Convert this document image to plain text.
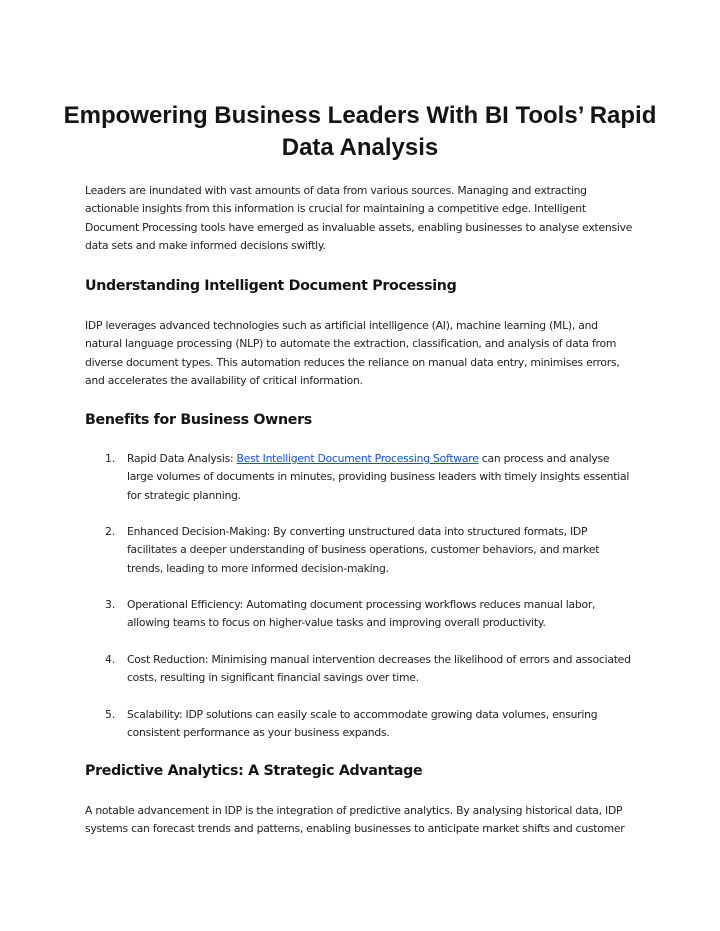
Empowering Business Leaders With BI Tools’ Rapid Data Analysis

Leaders are inundated with vast amounts of data from various sources. Managing and extracting actionable insights from this information is crucial for maintaining a competitive edge. Intelligent Document Processing tools have emerged as invaluable assets, enabling businesses to analyse extensive data sets and make informed decisions swiftly.

Understanding Intelligent Document Processing

IDP leverages advanced technologies such as artificial intelligence (AI), machine learning (ML), and natural language processing (NLP) to automate the extraction, classification, and analysis of data from diverse document types. This automation reduces the reliance on manual data entry, minimises errors, and accelerates the availability of critical information.

Benefits for Business Owners
1.	Rapid Data Analysis: Best Intelligent Document Processing Software can process and analyse large volumes of documents in minutes, providing business leaders with timely insights essential for strategic planning.

2.	Enhanced Decision-Making: By converting unstructured data into structured formats, IDP facilitates a deeper understanding of business operations, customer behaviors, and market trends, leading to more informed decision-making.

3.	Operational Efficiency: Automating document processing workflows reduces manual labor, allowing teams to focus on higher-value tasks and improving overall productivity.

4.	Cost Reduction: Minimising manual intervention decreases the likelihood of errors and associated costs, resulting in significant financial savings over time.

5.	Scalability: IDP solutions can easily scale to accommodate growing data volumes, ensuring consistent performance as your business expands.

Predictive Analytics: A Strategic Advantage

A notable advancement in IDP is the integration of predictive analytics. By analysing historical data, IDP systems can forecast trends and patterns, enabling businesses to anticipate market shifts and customer
